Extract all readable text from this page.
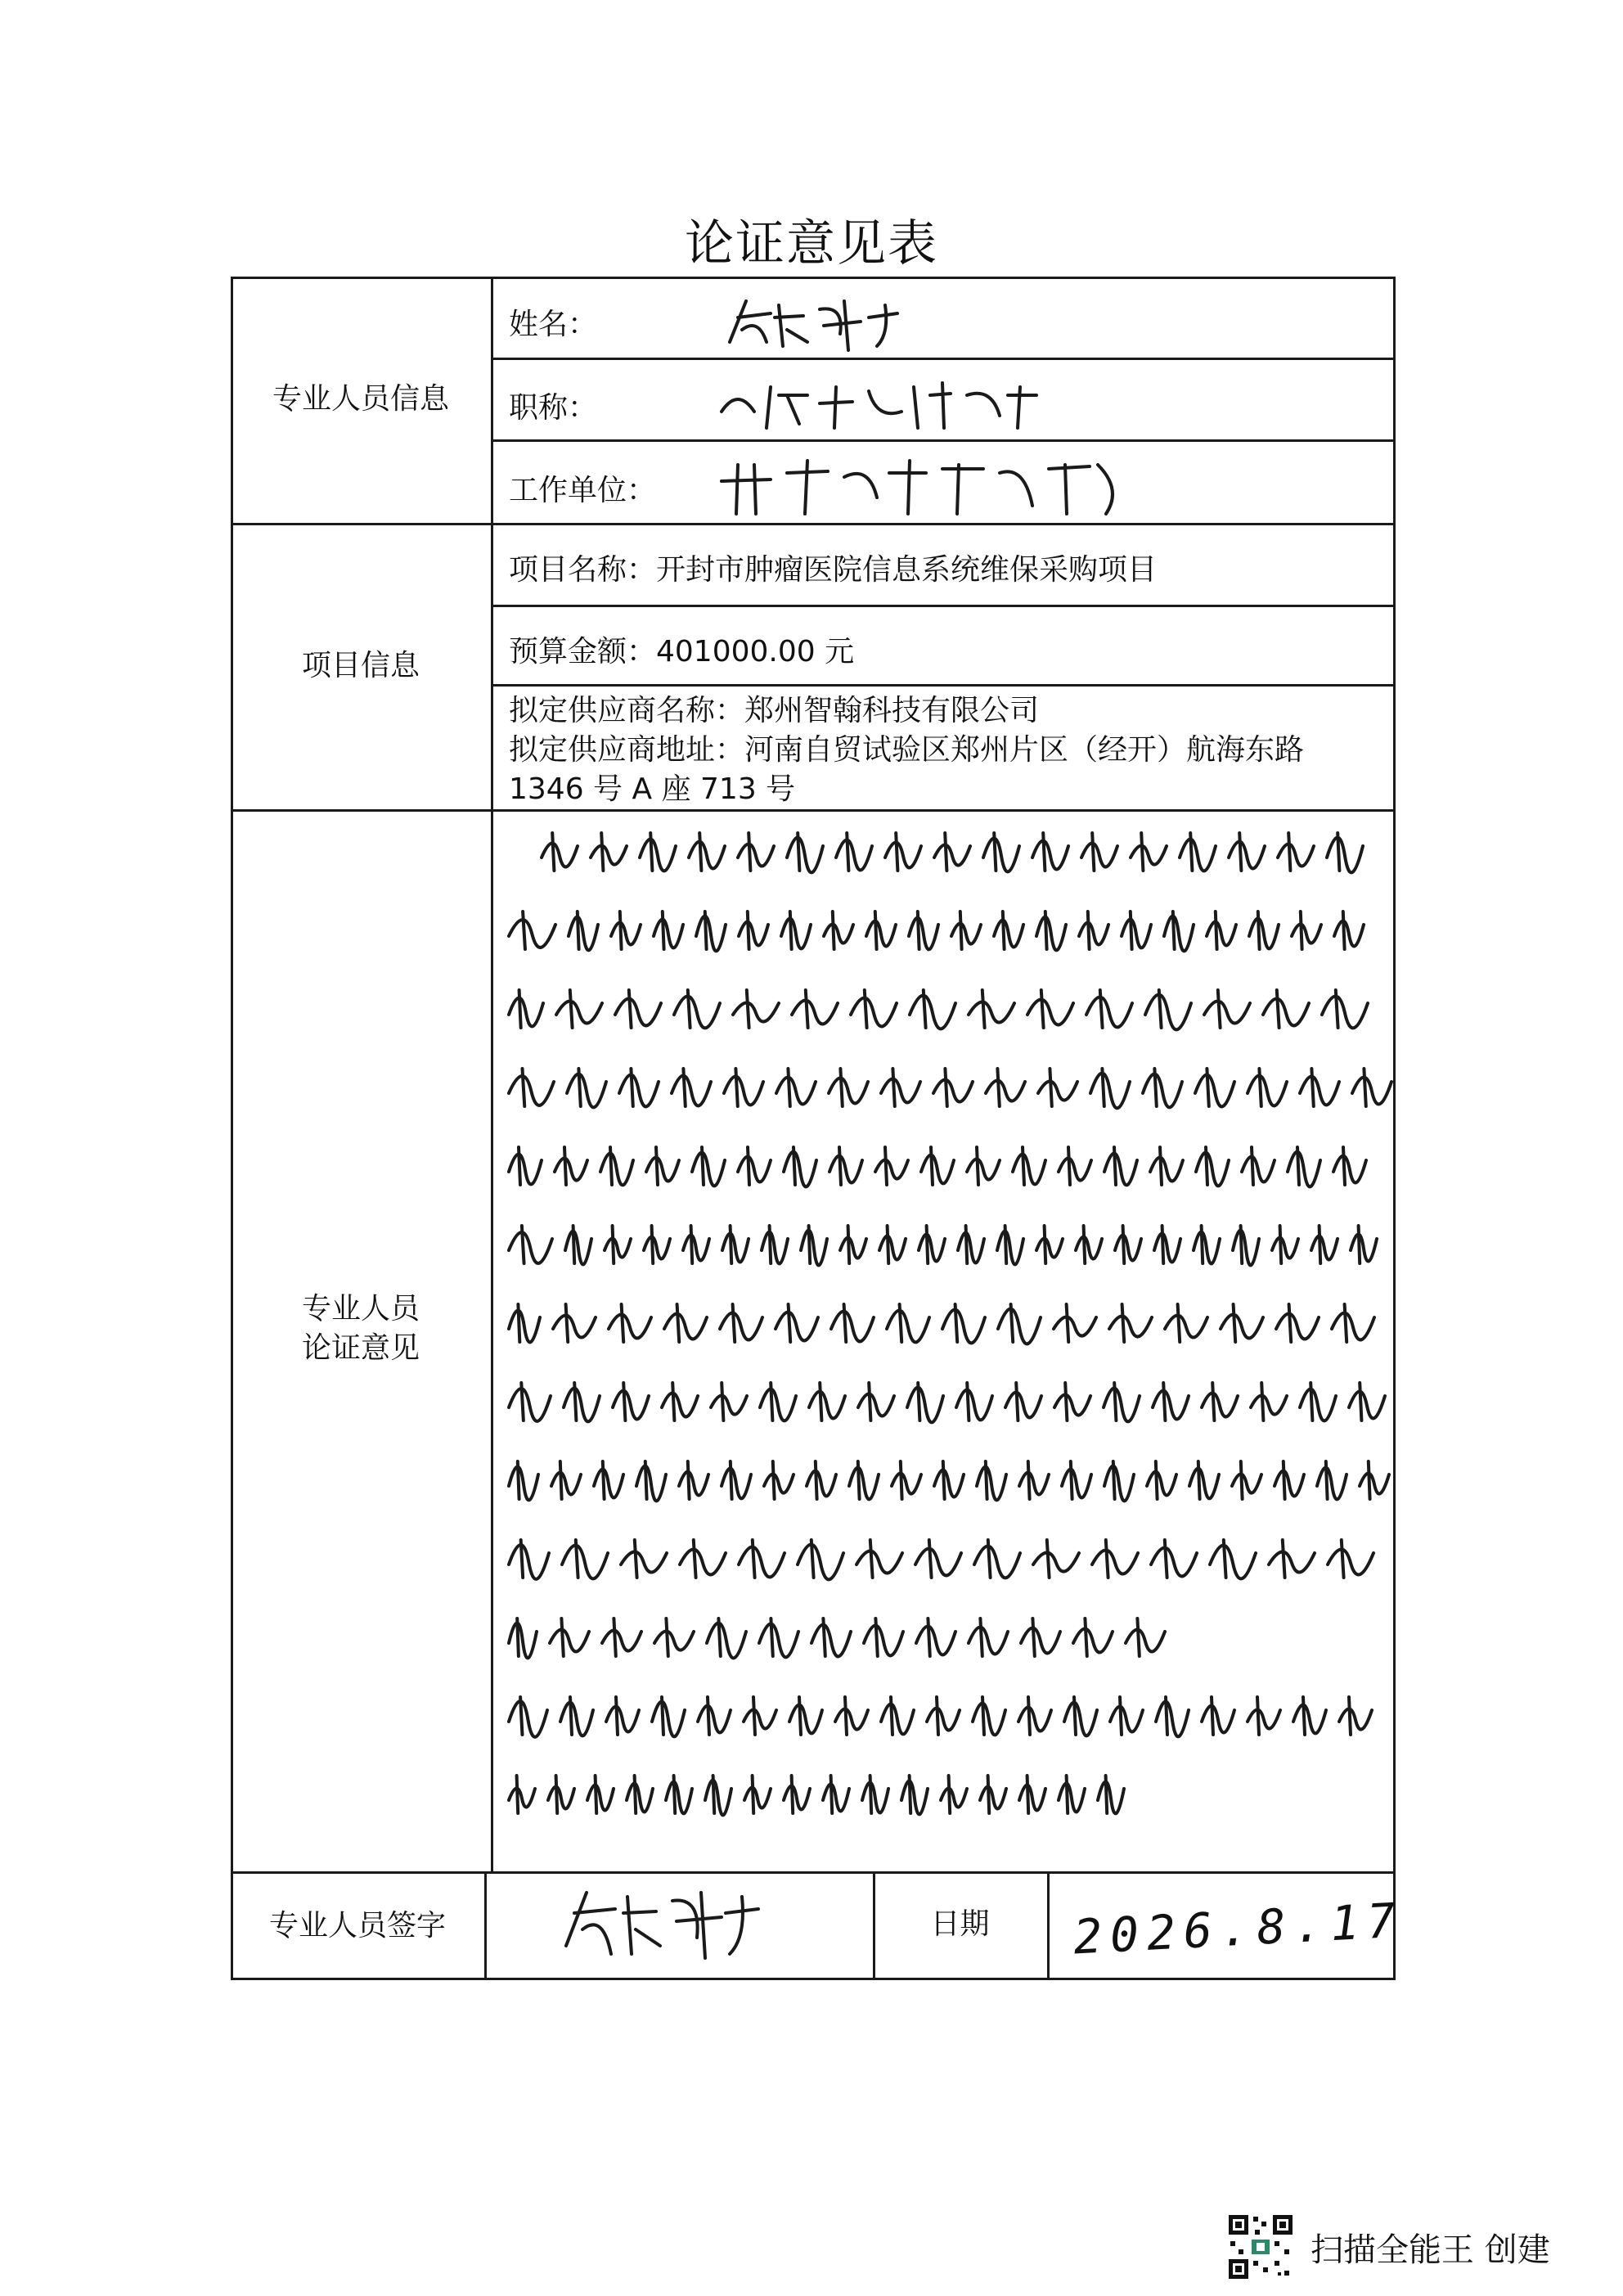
论证意见表
专业人员信息
项目信息
专业人员
论证意见
专业人员签字	日期
姓名：
职称：
工作单位：
项目名称：开封市肿瘤医院信息系统维保采购项目
预算金额：401000.00 元
拟定供应商名称：郑州智翰科技有限公司
拟定供应商地址：河南自贸试验区郑州片区（经开）航海东路
1346 号 A 座 713 号
2026.8.17
扫描全能王 创建
